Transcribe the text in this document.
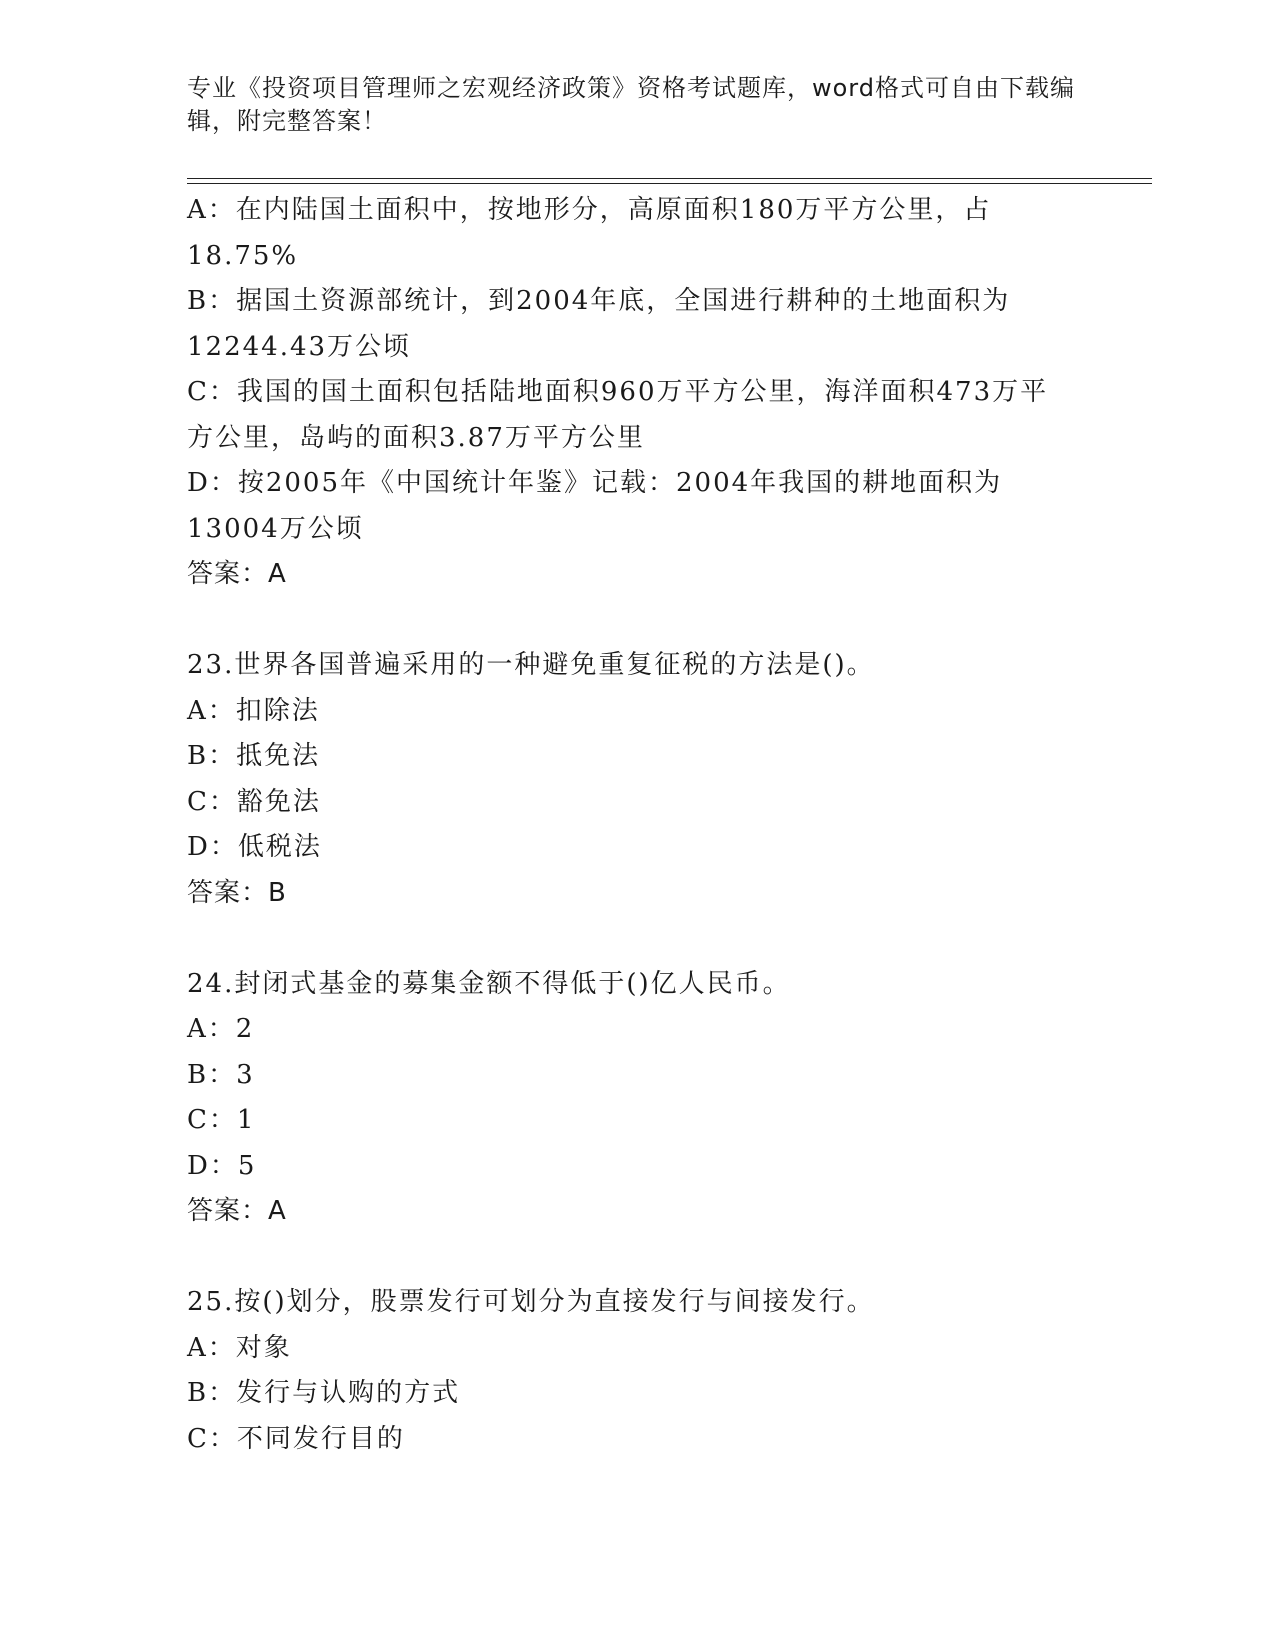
专业《投资项目管理师之宏观经济政策》资格考试题库，word格式可自由下载编
辑，附完整答案！
A：在内陆国土面积中，按地形分，高原面积180万平方公里，占
18.75%
B：据国土资源部统计，到2004年底，全国进行耕种的土地面积为
12244.43万公顷
C：我国的国土面积包括陆地面积960万平方公里，海洋面积473万平
方公里，岛屿的面积3.87万平方公里
D：按2005年《中国统计年鉴》记载：2004年我国的耕地面积为
13004万公顷
答案：A
23.世界各国普遍采用的一种避免重复征税的方法是()。
A：扣除法
B：抵免法
C：豁免法
D：低税法
答案：B
24.封闭式基金的募集金额不得低于()亿人民币。
A：2
B：3
C：1
D：5
答案：A
25.按()划分，股票发行可划分为直接发行与间接发行。
A：对象
B：发行与认购的方式
C：不同发行目的
